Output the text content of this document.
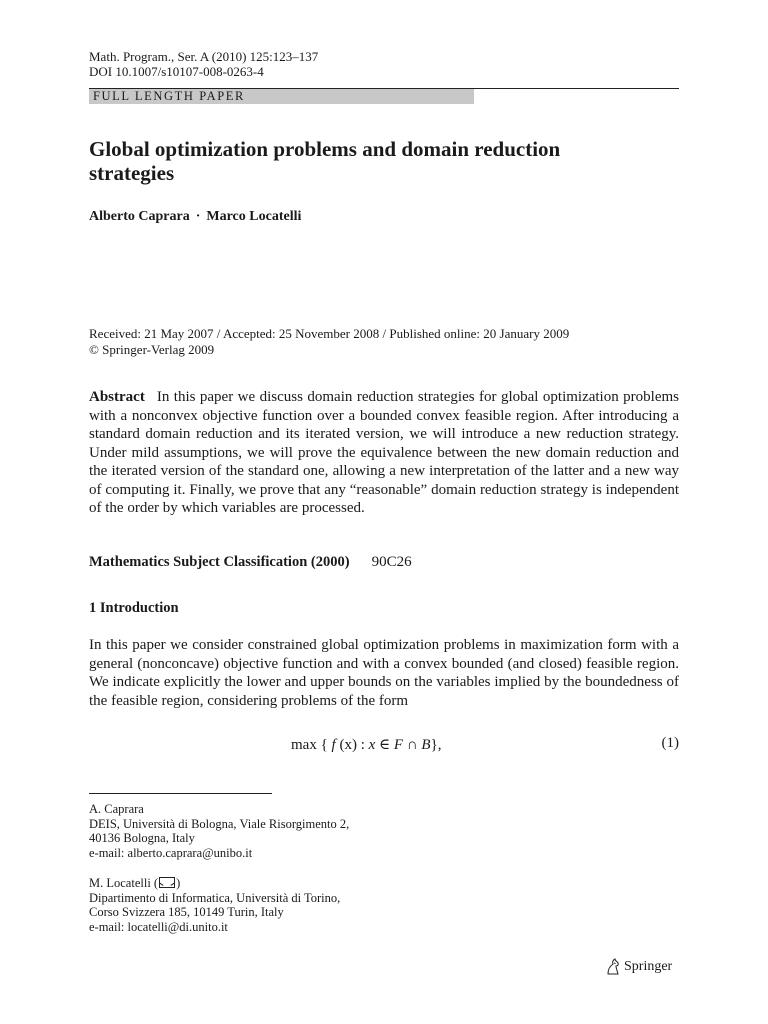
Math. Program., Ser. A (2010) 125:123–137
DOI 10.1007/s10107-008-0263-4
FULL LENGTH PAPER
Global optimization problems and domain reduction
strategies
Alberto Caprara · Marco Locatelli
Received: 21 May 2007 / Accepted: 25 November 2008 / Published online: 20 January 2009
© Springer-Verlag 2009
Abstract In this paper we discuss domain reduction strategies for global optimization problems with a nonconvex objective function over a bounded convex feasible region. After introducing a standard domain reduction and its iterated version, we will introduce a new reduction strategy. Under mild assumptions, we will prove the equivalence between the new domain reduction and the iterated version of the standard one, allowing a new interpretation of the latter and a new way of computing it. Finally, we prove that any “reasonable” domain reduction strategy is independent of the order by which variables are processed.
Mathematics Subject Classification (2000) 90C26
1 Introduction
In this paper we consider constrained global optimization problems in maximization form with a general (nonconcave) objective function and with a convex bounded (and closed) feasible region. We indicate explicitly the lower and upper bounds on the variables implied by the boundedness of the feasible region, considering problems of the form
max { f (x) : x ∈ F ∩ B},	(1)
A. Caprara
DEIS, Università di Bologna, Viale Risorgimento 2,
40136 Bologna, Italy
e-mail: alberto.caprara@unibo.it
M. Locatelli ( )
Dipartimento di Informatica, Università di Torino,
Corso Svizzera 185, 10149 Turin, Italy
e-mail: locatelli@di.unito.it
Springer
